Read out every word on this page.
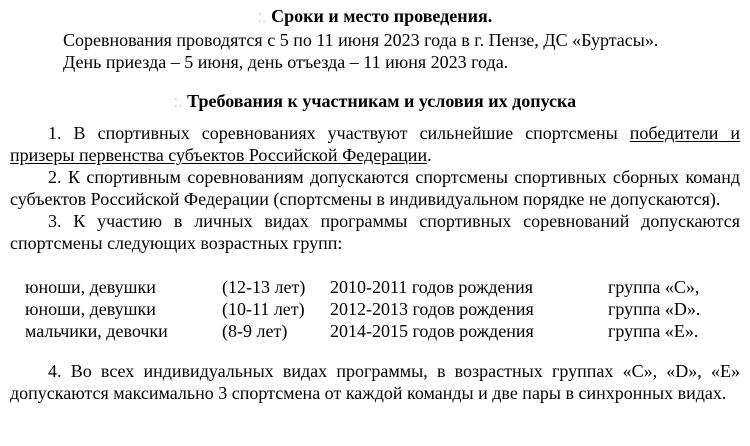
⁚. Сроки и место проведения.
Соревнования проводятся с 5 по 11 июня 2023 года в г. Пензе, ДС «Буртасы».
День приезда – 5 июня, день отъезда – 11 июня 2023 года.
⁚. Требования к участникам и условия их допуска
1. В спортивных соревнованиях участвуют сильнейшие спортсмены победители и призеры первенства субъектов Российской Федерации.
2. К спортивным соревнованиям допускаются спортсмены спортивных сборных команд субъектов Российской Федерации (спортсмены в индивидуальном порядке не допускаются).
3. К участию в личных видах программы спортивных соревнований допускаются спортсмены следующих возрастных групп:
юноши, девушки	(12-13 лет)	2010-2011 годов рождения	группа «С»,
юноши, девушки	(10-11 лет)	2012-2013 годов рождения	группа «D».
мальчики, девочки	(8-9 лет)	2014-2015 годов рождения	группа «Е».
4. Во всех индивидуальных видах программы, в возрастных группах «С», «D», «Е» допускаются максимально 3 спортсмена от каждой команды и две пары в синхронных видах.
